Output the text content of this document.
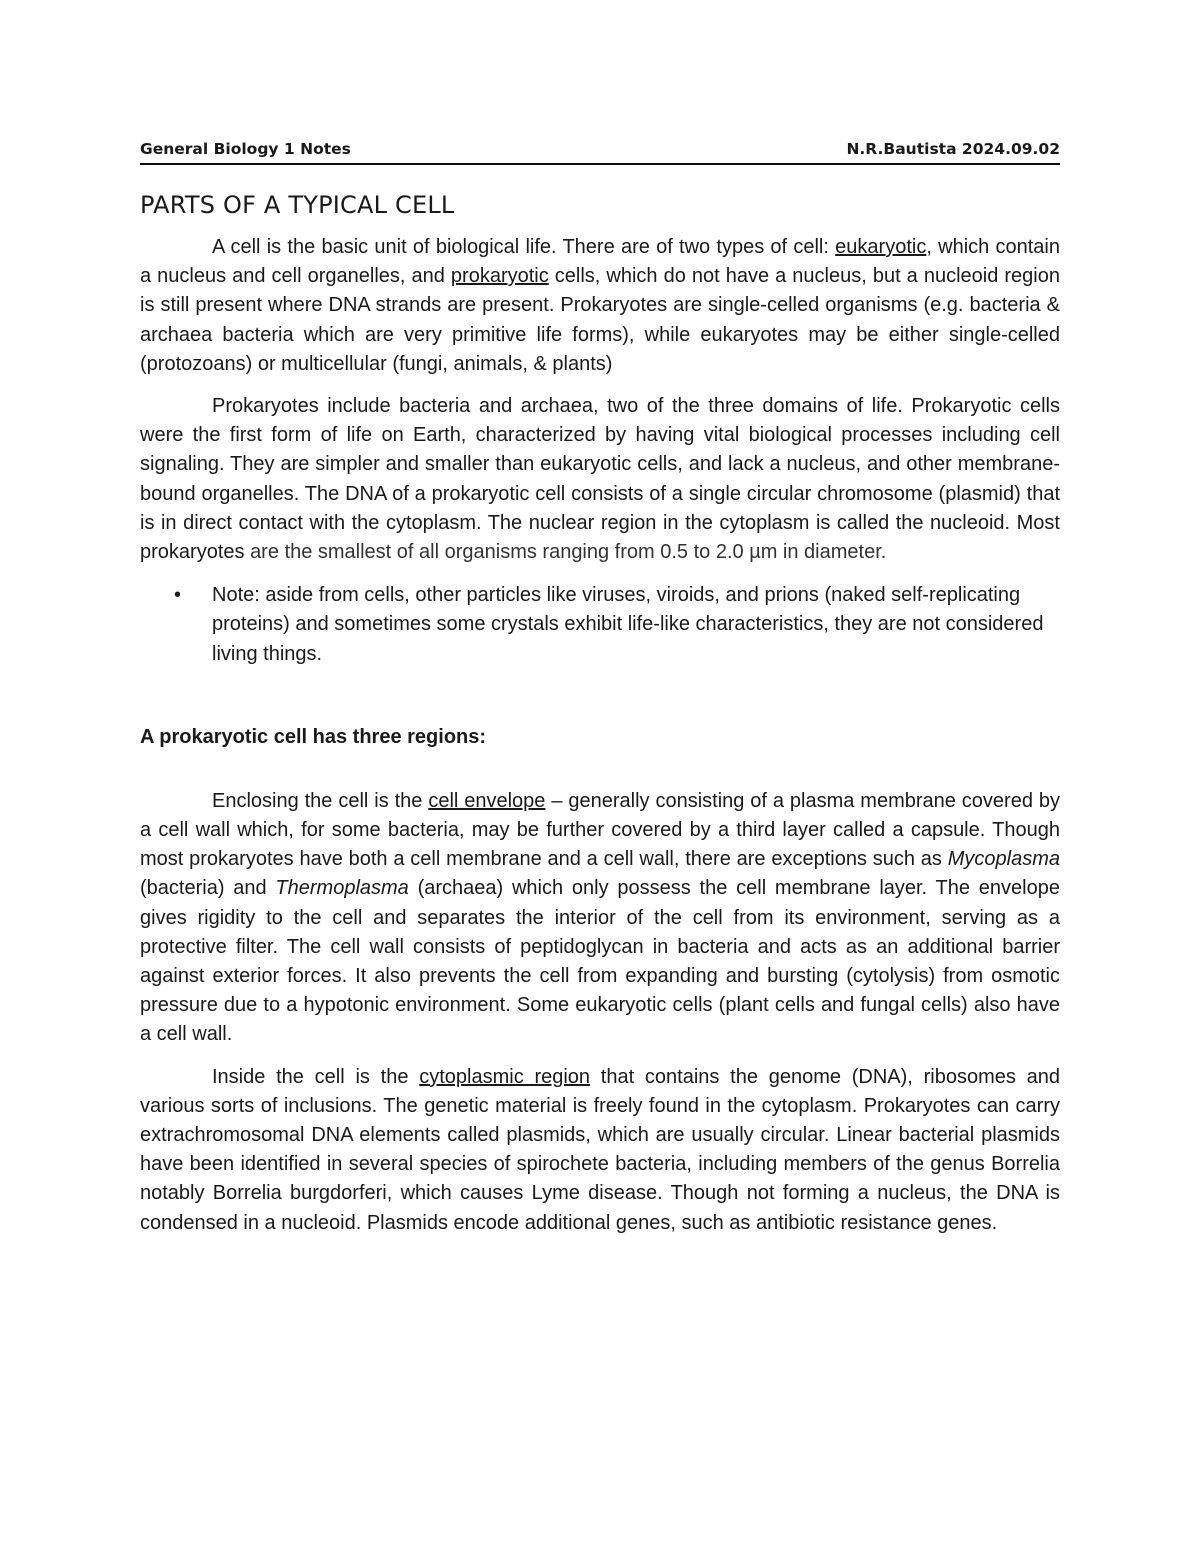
General Biology 1 Notes	N.R.Bautista 2024.09.02
PARTS OF A TYPICAL CELL

A cell is the basic unit of biological life. There are of two types of cell: eukaryotic, which contain a nucleus and cell organelles, and prokaryotic cells, which do not have a nucleus, but a nucleoid region is still present where DNA strands are present. Prokaryotes are single-celled organisms (e.g. bacteria & archaea bacteria which are very primitive life forms), while eukaryotes may be either single-celled (protozoans) or multicellular (fungi, animals, & plants)

Prokaryotes include bacteria and archaea, two of the three domains of life. Prokaryotic cells were the first form of life on Earth, characterized by having vital biological processes including cell signaling. They are simpler and smaller than eukaryotic cells, and lack a nucleus, and other membrane-bound organelles. The DNA of a prokaryotic cell consists of a single circular chromosome (plasmid) that is in direct contact with the cytoplasm. The nuclear region in the cytoplasm is called the nucleoid. Most prokaryotes are the smallest of all organisms ranging from 0.5 to 2.0 µm in diameter.

•	Note: aside from cells, other particles like viruses, viroids, and prions (naked self-replicating proteins) and sometimes some crystals exhibit life-like characteristics, they are not considered living things.

A prokaryotic cell has three regions:

Enclosing the cell is the cell envelope – generally consisting of a plasma membrane covered by a cell wall which, for some bacteria, may be further covered by a third layer called a capsule. Though most prokaryotes have both a cell membrane and a cell wall, there are exceptions such as Mycoplasma (bacteria) and Thermoplasma (archaea) which only possess the cell membrane layer. The envelope gives rigidity to the cell and separates the interior of the cell from its environment, serving as a protective filter. The cell wall consists of peptidoglycan in bacteria and acts as an additional barrier against exterior forces. It also prevents the cell from expanding and bursting (cytolysis) from osmotic pressure due to a hypotonic environment. Some eukaryotic cells (plant cells and fungal cells) also have a cell wall.

Inside the cell is the cytoplasmic region that contains the genome (DNA), ribosomes and various sorts of inclusions. The genetic material is freely found in the cytoplasm. Prokaryotes can carry extrachromosomal DNA elements called plasmids, which are usually circular. Linear bacterial plasmids have been identified in several species of spirochete bacteria, including members of the genus Borrelia notably Borrelia burgdorferi, which causes Lyme disease. Though not forming a nucleus, the DNA is condensed in a nucleoid. Plasmids encode additional genes, such as antibiotic resistance genes.
